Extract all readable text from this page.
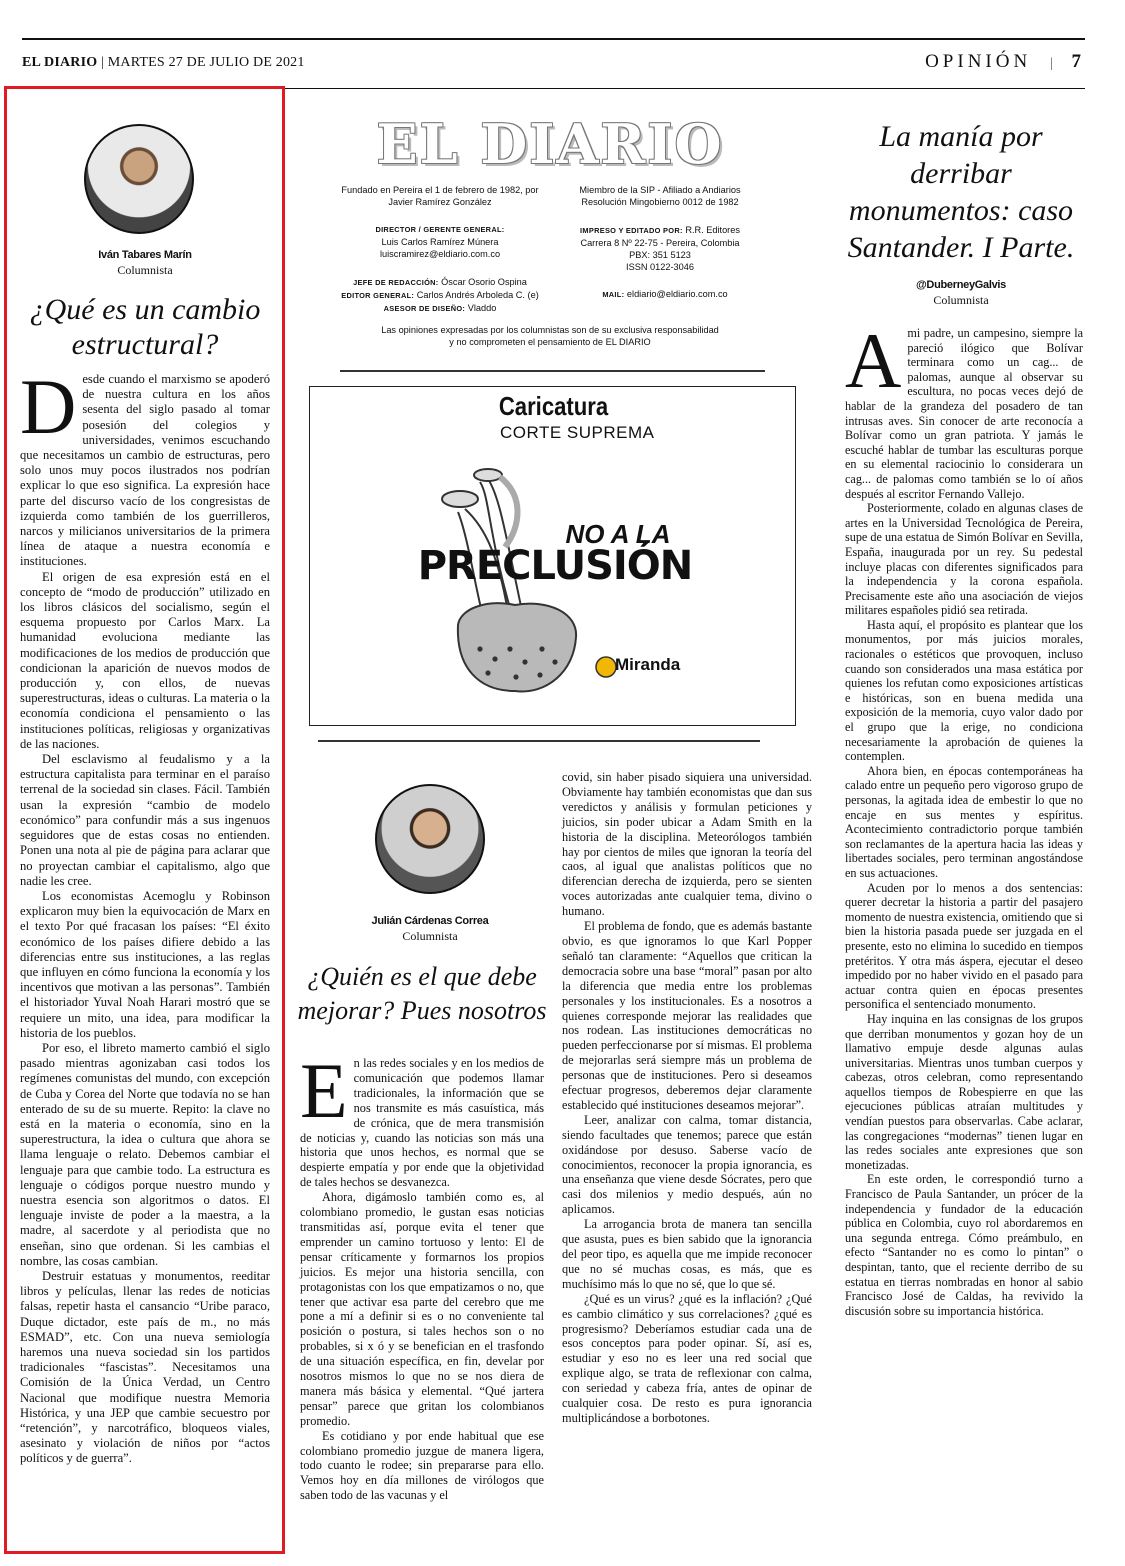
EL DIARIO | MARTES 27 DE JULIO DE 2021	OPINIÓN | 7
Iván Tabares Marín
Columnista
¿Qué es un cambio estructural?

Desde cuando el marxismo se apoderó de nuestra cultura en los años sesenta del siglo pasado al tomar posesión del colegios y universidades, venimos escuchando que necesitamos un cambio de estructuras, pero solo unos muy pocos ilustrados nos podrían explicar lo que eso significa. La expresión hace parte del discurso vacío de los congresistas de izquierda como también de los guerrilleros, narcos y milicianos universitarios de la primera línea de ataque a nuestra economía e instituciones.

El origen de esa expresión está en el concepto de “modo de producción” utilizado en los libros clásicos del socialismo, según el esquema propuesto por Carlos Marx. La humanidad evoluciona mediante las modificaciones de los medios de producción que condicionan la aparición de nuevos modos de producción y, con ellos, de nuevas superestructuras, ideas o culturas. La materia o la economía condiciona el pensamiento o las instituciones políticas, religiosas y organizativas de las naciones.

Del esclavismo al feudalismo y a la estructura capitalista para terminar en el paraíso terrenal de la sociedad sin clases. Fácil. También usan la expresión “cambio de modelo económico” para confundir más a sus ingenuos seguidores que de estas cosas no entienden. Ponen una nota al pie de página para aclarar que no proyectan cambiar el capitalismo, algo que nadie les cree.

Los economistas Acemoglu y Robinson explicaron muy bien la equivocación de Marx en el texto Por qué fracasan los países: “El éxito económico de los países difiere debido a las diferencias entre sus instituciones, a las reglas que influyen en cómo funciona la economía y los incentivos que motivan a las personas”. También el historiador Yuval Noah Harari mostró que se requiere un mito, una idea, para modificar la historia de los pueblos.

Por eso, el libreto mamerto cambió el siglo pasado mientras agonizaban casi todos los regímenes comunistas del mundo, con excepción de Cuba y Corea del Norte que todavía no se han enterado de su de su muerte. Repito: la clave no está en la materia o economía, sino en la superestructura, la idea o cultura que ahora se llama lenguaje o relato. Debemos cambiar el lenguaje para que cambie todo. La estructura es lenguaje o códigos porque nuestro mundo y nuestra esencia son algoritmos o datos. El lenguaje inviste de poder a la maestra, a la madre, al sacerdote y al periodista que no enseñan, sino que ordenan. Si les cambias el nombre, las cosas cambian.

Destruir estatuas y monumentos, reeditar libros y películas, llenar las redes de noticias falsas, repetir hasta el cansancio “Uribe paraco, Duque dictador, este país de m., no más ESMAD”, etc. Con una nueva semiología haremos una nueva sociedad sin los partidos tradicionales “fascistas”. Necesitamos una Comisión de la Única Verdad, un Centro Nacional que modifique nuestra Memoria Histórica, y una JEP que cambie secuestro por “retención”, y narcotráfico, bloqueos viales, asesinato y violación de niños por “actos políticos y de guerra”.

EL DIARIO
Fundado en Pereira el 1 de febrero de 1982, por Javier Ramírez González
Miembro de la SIP - Afiliado a Andiarios
Resolución Mingobierno 0012 de 1982
DIRECTOR / GERENTE GENERAL:
Luis Carlos Ramírez Múnera
luiscramirez@eldiario.com.co
IMPRESO Y EDITADO POR: R.R. Editores
Carrera 8 Nº 22-75 - Pereira, Colombia
PBX: 351 5123
ISSN 0122-3046
JEFE DE REDACCIÓN: Óscar Osorio Ospina
EDITOR GENERAL: Carlos Andrés Arboleda C. (e)
ASESOR DE DISEÑO: Vladdo
MAIL: eldiario@eldiario.com.co
Las opiniones expresadas por los columnistas son de su exclusiva responsabilidad
y no comprometen el pensamiento de EL DIARIO
Caricatura
CORTE SUPREMA
NO A LA
PRECLUSIÓN
Miranda
Julián Cárdenas Correa
Columnista
¿Quién es el que debe mejorar? Pues nosotros

En las redes sociales y en los medios de comunicación que podemos llamar tradicionales, la información que se nos transmite es más casuística, más de crónica, que de mera transmisión de noticias y, cuando las noticias son más una historia que unos hechos, es normal que se despierte empatía y por ende que la objetividad de tales hechos se desvanezca.

Ahora, digámoslo también como es, al colombiano promedio, le gustan esas noticias transmitidas así, porque evita el tener que emprender un camino tortuoso y lento: El de pensar críticamente y formarnos los propios juicios. Es mejor una historia sencilla, con protagonistas con los que empatizamos o no, que tener que activar esa parte del cerebro que me pone a mí a definir si es o no conveniente tal posición o postura, si tales hechos son o no probables, si x ó y se benefician en el trasfondo de una situación específica, en fin, develar por nosotros mismos lo que no se nos diera de manera más básica y elemental. “Qué jartera pensar” parece que gritan los colombianos promedio.

Es cotidiano y por ende habitual que ese colombiano promedio juzgue de manera ligera, todo cuanto le rodee; sin prepararse para ello. Vemos hoy en día millones de virólogos que saben todo de las vacunas y el

covid, sin haber pisado siquiera una universidad. Obviamente hay también economistas que dan sus veredictos y análisis y formulan peticiones y juicios, sin poder ubicar a Adam Smith en la historia de la disciplina. Meteorólogos también hay por cientos de miles que ignoran la teoría del caos, al igual que analistas políticos que no diferencian derecha de izquierda, pero se sienten voces autorizadas ante cualquier tema, divino o humano.

El problema de fondo, que es además bastante obvio, es que ignoramos lo que Karl Popper señaló tan claramente: “Aquellos que critican la democracia sobre una base “moral” pasan por alto la diferencia que media entre los problemas personales y los institucionales. Es a nosotros a quienes corresponde mejorar las realidades que nos rodean. Las instituciones democráticas no pueden perfeccionarse por sí mismas. El problema de mejorarlas será siempre más un problema de personas que de instituciones. Pero si deseamos efectuar progresos, deberemos dejar claramente establecido qué instituciones deseamos mejorar”.

Leer, analizar con calma, tomar distancia, siendo facultades que tenemos; parece que están oxidándose por desuso. Saberse vacío de conocimientos, reconocer la propia ignorancia, es una enseñanza que viene desde Sócrates, pero que casi dos milenios y medio después, aún no aplicamos.

La arrogancia brota de manera tan sencilla que asusta, pues es bien sabido que la ignorancia del peor tipo, es aquella que me impide reconocer que no sé muchas cosas, es más, que es muchísimo más lo que no sé, que lo que sé.

¿Qué es un virus? ¿qué es la inflación? ¿Qué es cambio climático y sus correlaciones? ¿qué es progresismo? Deberíamos estudiar cada una de esos conceptos para poder opinar. Sí, así es, estudiar y eso no es leer una red social que explique algo, se trata de reflexionar con calma, con seriedad y cabeza fría, antes de opinar de cualquier cosa. De resto es pura ignorancia multiplicándose a borbotones.

La manía por derribar monumentos: caso Santander. I Parte.
@DuberneyGalvis
Columnista

Ami padre, un campesino, siempre la pareció ilógico que Bolívar terminara como un cag... de palomas, aunque al observar su escultura, no pocas veces dejó de hablar de la grandeza del posadero de tan intrusas aves. Sin conocer de arte reconocía a Bolívar como un gran patriota. Y jamás le escuché hablar de tumbar las esculturas porque en su elemental raciocinio lo considerara un cag... de palomas como también se lo oí años después al escritor Fernando Vallejo.

Posteriormente, colado en algunas clases de artes en la Universidad Tecnológica de Pereira, supe de una estatua de Simón Bolívar en Sevilla, España, inaugurada por un rey. Su pedestal incluye placas con diferentes significados para la independencia y la corona española. Precisamente este año una asociación de viejos militares españoles pidió sea retirada.

Hasta aquí, el propósito es plantear que los monumentos, por más juicios morales, racionales o estéticos que provoquen, incluso cuando son considerados una masa estática por quienes los refutan como exposiciones artísticas e históricas, son en buena medida una exposición de la memoria, cuyo valor dado por el grupo que la erige, no condiciona necesariamente la aprobación de quienes la contemplen.

Ahora bien, en épocas contemporáneas ha calado entre un pequeño pero vigoroso grupo de personas, la agitada idea de embestir lo que no encaje en sus mentes y espíritus. Acontecimiento contradictorio porque también son reclamantes de la apertura hacia las ideas y libertades sociales, pero terminan angostándose en sus actuaciones.

Acuden por lo menos a dos sentencias: querer decretar la historia a partir del pasajero momento de nuestra existencia, omitiendo que si bien la historia pasada puede ser juzgada en el presente, esto no elimina lo sucedido en tiempos pretéritos. Y otra más áspera, ejecutar el deseo impedido por no haber vivido en el pasado para actuar contra quien en épocas presentes personifica el sentenciado monumento.

Hay inquina en las consignas de los grupos que derriban monumentos y gozan hoy de un llamativo empuje desde algunas aulas universitarias. Mientras unos tumban cuerpos y cabezas, otros celebran, como representando aquellos tiempos de Robespierre en que las ejecuciones públicas atraían multitudes y vendían puestos para observarlas. Cabe aclarar, las congregaciones “modernas” tienen lugar en las redes sociales ante expresiones que son monetizadas.

En este orden, le correspondió turno a Francisco de Paula Santander, un prócer de la independencia y fundador de la educación pública en Colombia, cuyo rol abordaremos en una segunda entrega. Cómo preámbulo, en efecto “Santander no es como lo pintan” o despintan, tanto, que el reciente derribo de su estatua en tierras nombradas en honor al sabio Francisco José de Caldas, ha revivido la discusión sobre su importancia histórica.
